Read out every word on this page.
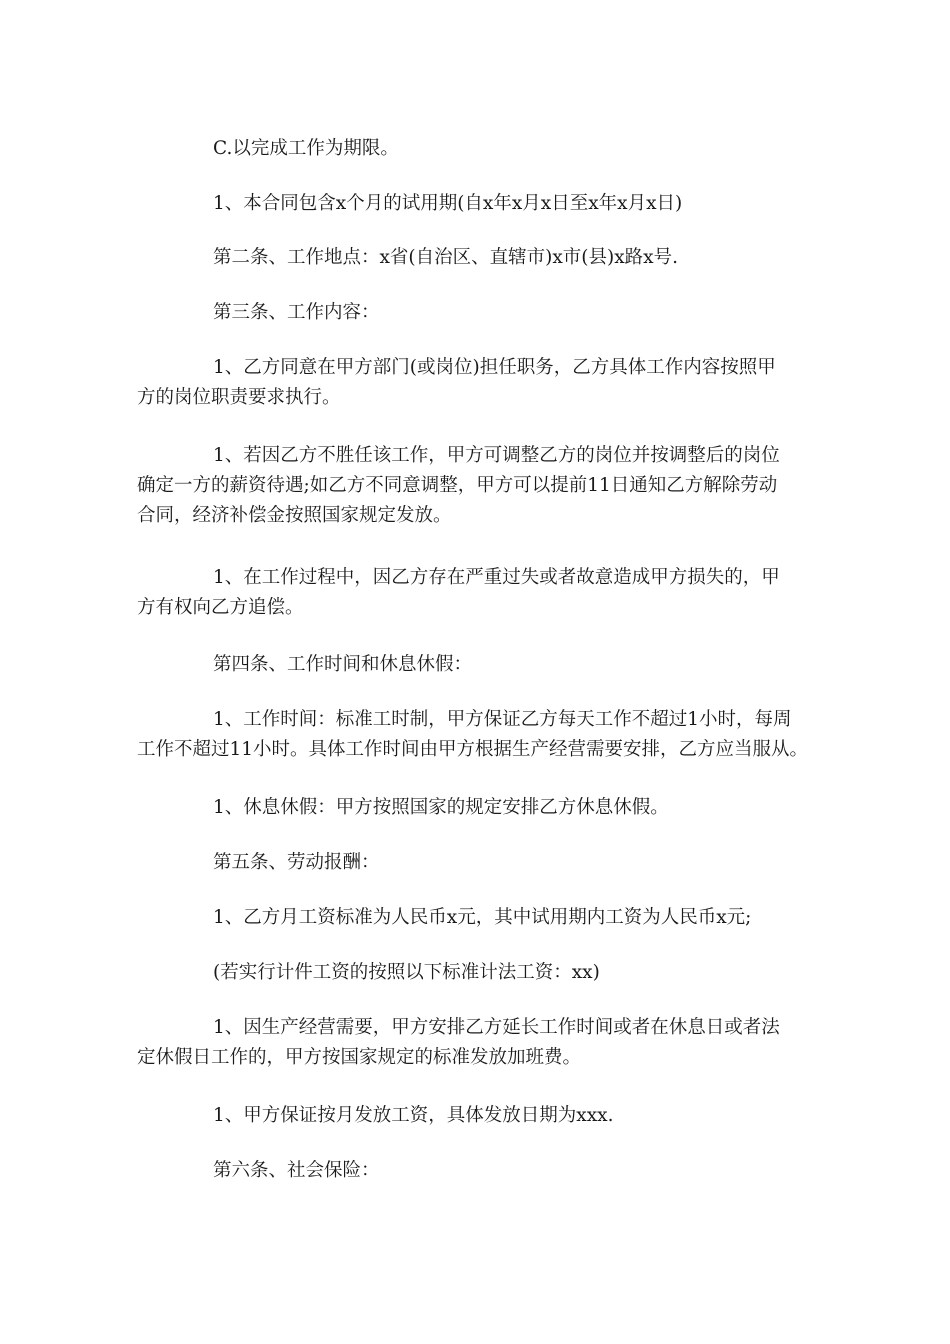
C.以完成工作为期限。
1、本合同包含x个月的试用期(自x年x月x日至x年x月x日)
第二条、工作地点：x省(自治区、直辖市)x市(县)x路x号.
第三条、工作内容：
1、乙方同意在甲方部门(或岗位)担任职务，乙方具体工作内容按照甲
方的岗位职责要求执行。
1、若因乙方不胜任该工作，甲方可调整乙方的岗位并按调整后的岗位
确定一方的薪资待遇;如乙方不同意调整，甲方可以提前11日通知乙方解除劳动
合同，经济补偿金按照国家规定发放。
1、在工作过程中，因乙方存在严重过失或者故意造成甲方损失的，甲
方有权向乙方追偿。
第四条、工作时间和休息休假：
1、工作时间：标准工时制，甲方保证乙方每天工作不超过1小时，每周
工作不超过11小时。具体工作时间由甲方根据生产经营需要安排，乙方应当服从。
1、休息休假：甲方按照国家的规定安排乙方休息休假。
第五条、劳动报酬：
1、乙方月工资标准为人民币x元，其中试用期内工资为人民币x元;
(若实行计件工资的按照以下标准计法工资：xx)
1、因生产经营需要，甲方安排乙方延长工作时间或者在休息日或者法
定休假日工作的，甲方按国家规定的标准发放加班费。
1、甲方保证按月发放工资，具体发放日期为xxx.
第六条、社会保险：
